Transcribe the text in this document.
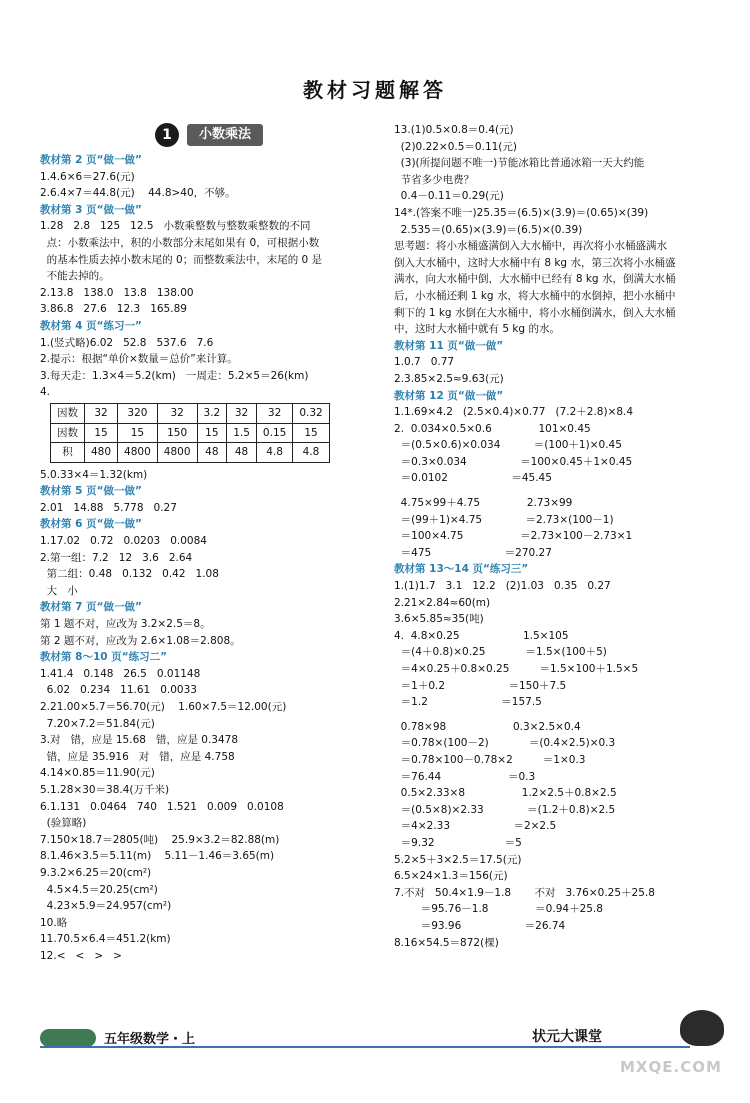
教材习题解答
1	小数乘法
教材第 2 页“做一做”
1.4.6×6＝27.6(元)
2.6.4×7＝44.8(元)    44.8>40，不够。
教材第 3 页“做一做”
1.28   2.8   125   12.5   小数乘整数与整数乘整数的不同
点：小数乘法中，积的小数部分末尾如果有 0，可根据小数
的基本性质去掉小数末尾的 0；而整数乘法中，末尾的 0 是
不能去掉的。
2.13.8   138.0   13.8   138.00
3.86.8   27.6   12.3   165.89
教材第 4 页“练习一”
1.(竖式略)6.02   52.8   537.6   7.6
2.提示：根据“单价×数量＝总价”来计算。
3.每天走：1.3×4＝5.2(km)   一周走：5.2×5＝26(km)
4.
因数	32	320	32	3.2	32	32	0.32
因数	15	15	150	15	1.5	0.15	15
积	480	4800	4800	48	48	4.8	4.8
5.0.33×4＝1.32(km)
教材第 5 页“做一做”
2.01   14.88   5.778   0.27
教材第 6 页“做一做”
1.17.02   0.72   0.0203   0.0084
2.第一组：7.2   12   3.6   2.64
第二组：0.48   0.132   0.42   1.08
大   小
教材第 7 页“做一做”
第 1 题不对，应改为 3.2×2.5＝8。
第 2 题不对，应改为 2.6×1.08＝2.808。
教材第 8～10 页“练习二”
1.41.4   0.148   26.5   0.01148
6.02   0.234   11.61   0.0033
2.21.00×5.7＝56.70(元)    1.60×7.5＝12.00(元)
7.20×7.2＝51.84(元)
3.对   错，应是 15.68   错，应是 0.3478
错，应是 35.916   对   错，应是 4.758
4.14×0.85＝11.90(元)
5.1.28×30＝38.4(万千米)
6.1.131   0.0464   740   1.521   0.009   0.0108
(验算略)
7.150×18.7＝2805(吨)    25.9×3.2＝82.88(m)
8.1.46×3.5＝5.11(m)    5.11－1.46＝3.65(m)
9.3.2×6.25＝20(cm²)
4.5×4.5＝20.25(cm²)
4.23×5.9＝24.957(cm²)
10.略
11.70.5×6.4＝451.2(km)
12.<   <   >   >
13.(1)0.5×0.8＝0.4(元)
(2)0.22×0.5＝0.11(元)
(3)(所提问题不唯一)节能冰箱比普通冰箱一天大约能
节省多少电费？
0.4－0.11＝0.29(元)
14*.(答案不唯一)25.35＝(6.5)×(3.9)＝(0.65)×(39)
2.535＝(0.65)×(3.9)＝(6.5)×(0.39)
思考题：将小水桶盛满倒入大水桶中，再次将小水桶盛满水
倒入大水桶中，这时大水桶中有 8 kg 水，第三次将小水桶盛
满水，向大水桶中倒，大水桶中已经有 8 kg 水，倒满大水桶
后，小水桶还剩 1 kg 水，将大水桶中的水倒掉，把小水桶中
剩下的 1 kg 水倒在大水桶中，将小水桶倒满水，倒入大水桶
中，这时大水桶中就有 5 kg 的水。
教材第 11 页“做一做”
1.0.7   0.77
2.3.85×2.5≈9.63(元)
教材第 12 页“做一做”
1.1.69×4.2   (2.5×0.4)×0.77   (7.2＋2.8)×8.4
2.  0.034×0.5×0.6              101×0.45
＝(0.5×0.6)×0.034          ＝(100＋1)×0.45
＝0.3×0.034                ＝100×0.45＋1×0.45
＝0.0102                   ＝45.45
4.75×99＋4.75              2.73×99
＝(99＋1)×4.75             ＝2.73×(100－1)
＝100×4.75                 ＝2.73×100－2.73×1
＝475                      ＝270.27
教材第 13～14 页“练习三”
1.(1)1.7   3.1   12.2   (2)1.03   0.35   0.27
2.21×2.84≈60(m)
3.6×5.85≈35(吨)
4.  4.8×0.25                   1.5×105
＝(4＋0.8)×0.25            ＝1.5×(100＋5)
＝4×0.25＋0.8×0.25         ＝1.5×100＋1.5×5
＝1＋0.2                   ＝150＋7.5
＝1.2                      ＝157.5
0.78×98                    0.3×2.5×0.4
＝0.78×(100－2)            ＝(0.4×2.5)×0.3
＝0.78×100－0.78×2         ＝1×0.3
＝76.44                    ＝0.3
0.5×2.33×8                 1.2×2.5＋0.8×2.5
＝(0.5×8)×2.33             ＝(1.2＋0.8)×2.5
＝4×2.33                   ＝2×2.5
＝9.32                     ＝5
5.2×5＋3×2.5＝17.5(元)
6.5×24×1.3＝156(元)
7.不对   50.4×1.9－1.8       不对   3.76×0.25＋25.8
＝95.76－1.8              ＝0.94＋25.8
＝93.96                   ＝26.74
8.16×54.5＝872(棵)
五年级数学・上	状元大课堂
MXQE.COM
